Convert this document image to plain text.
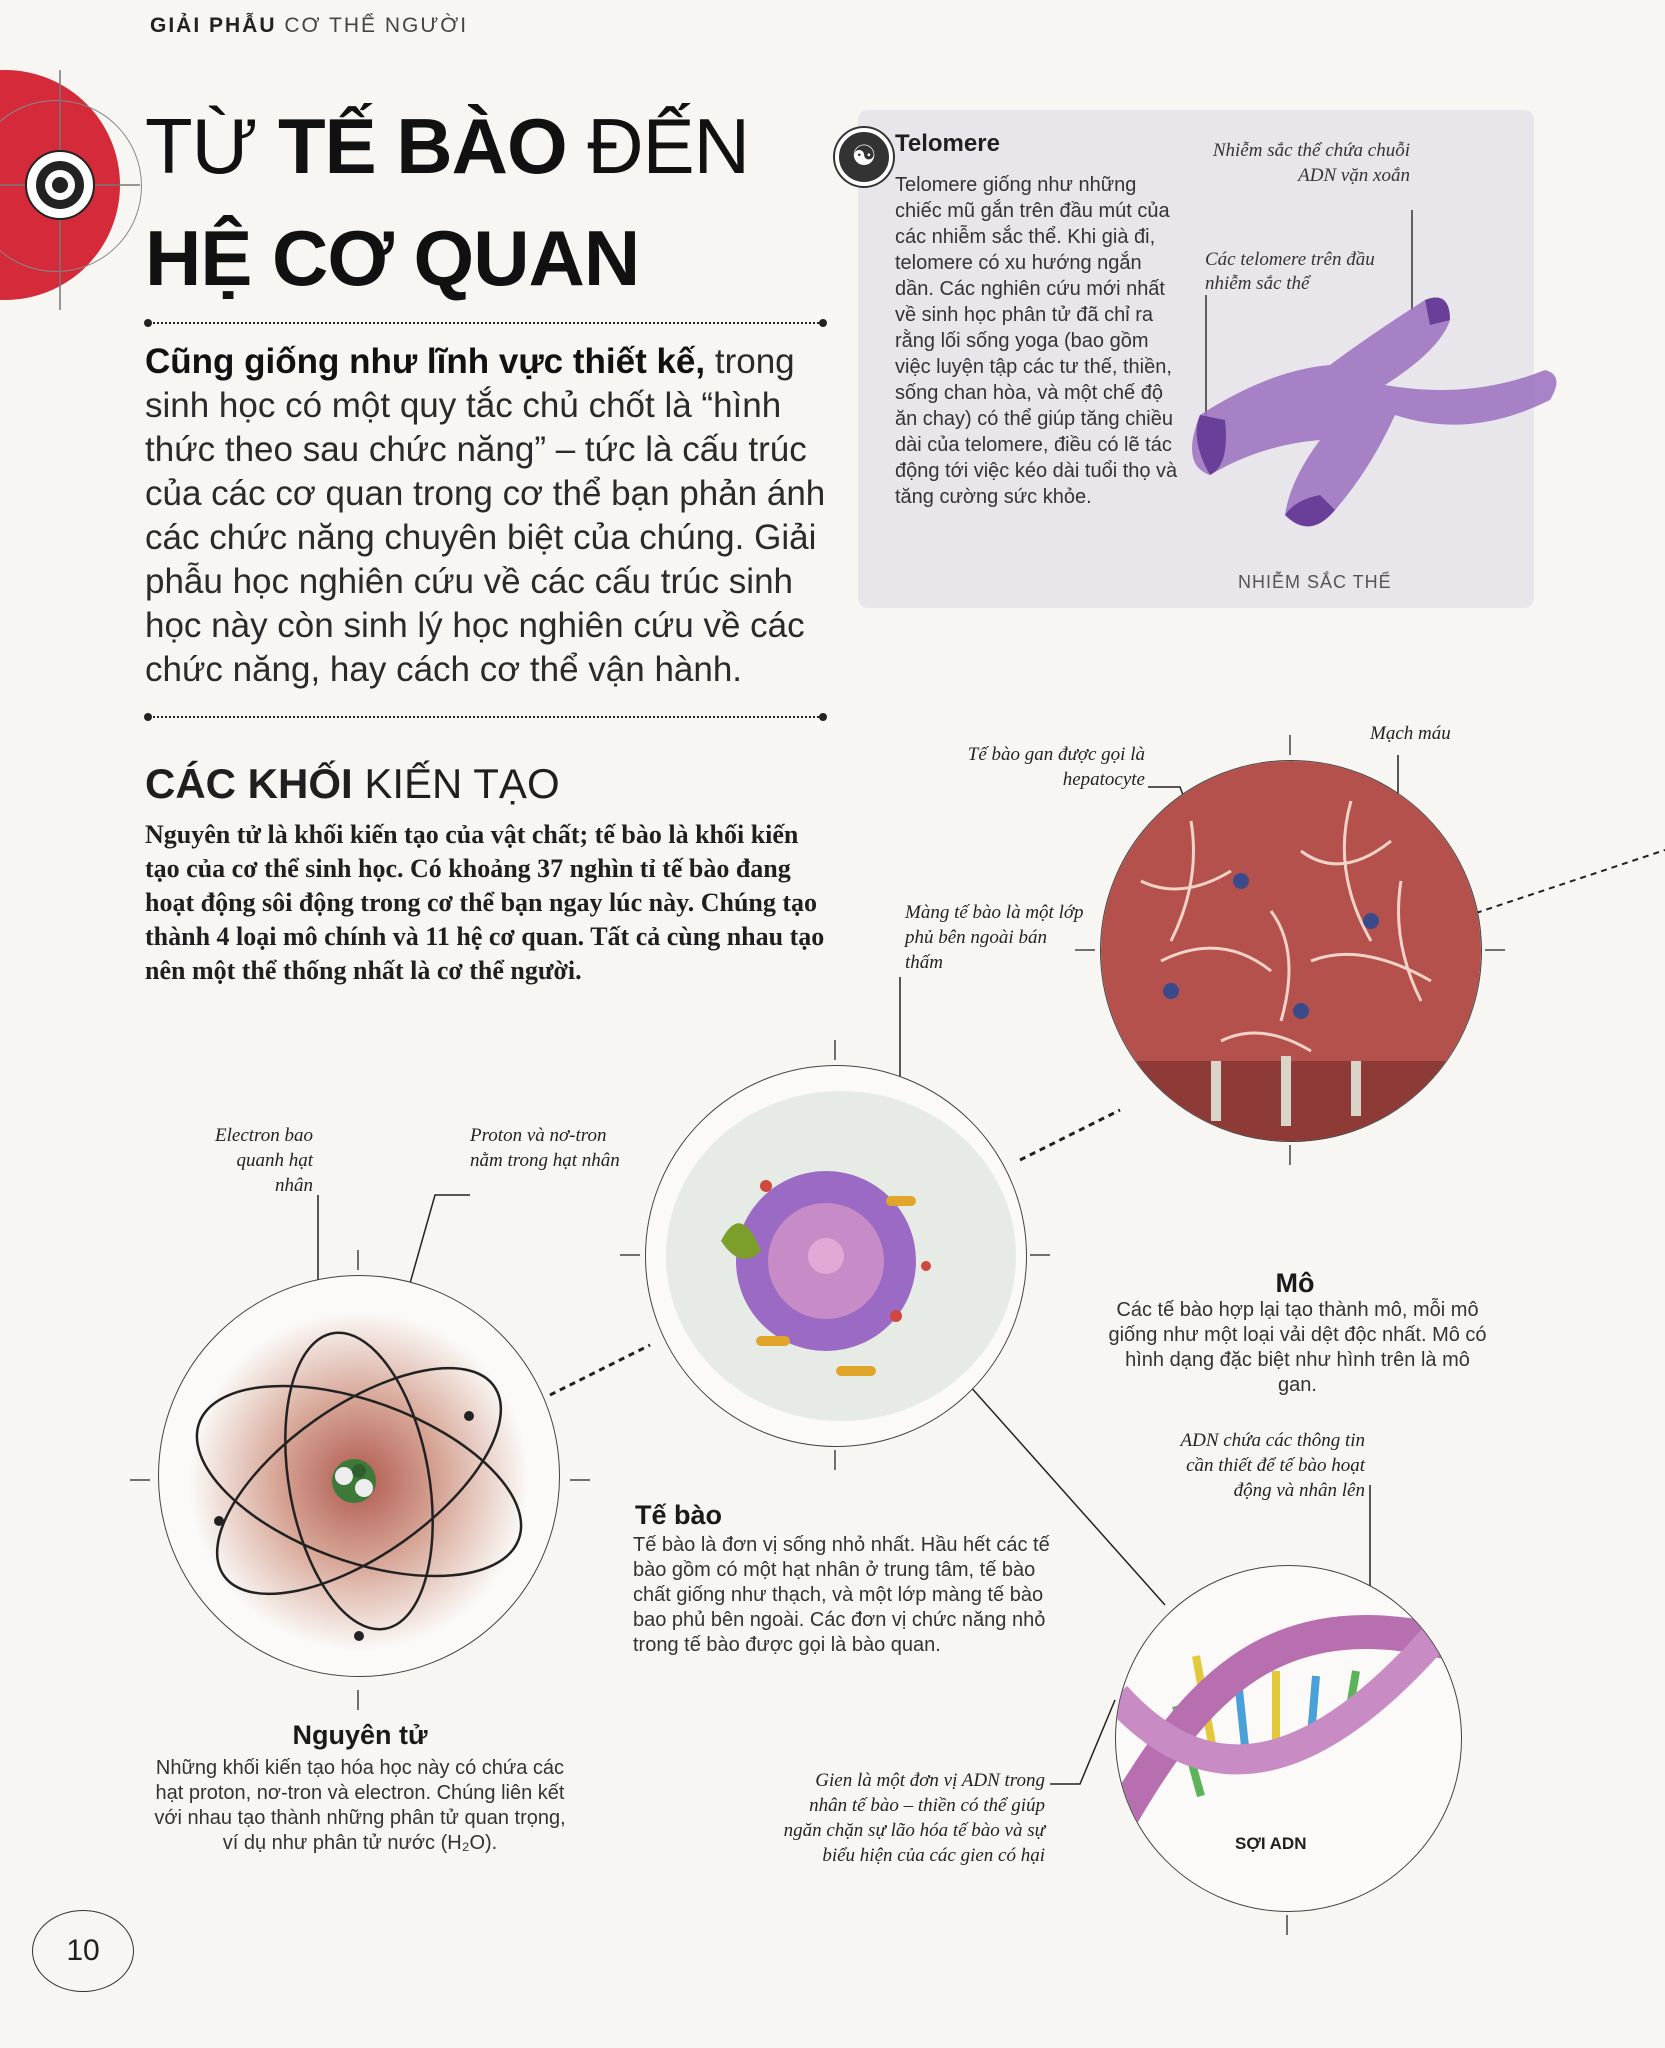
GIẢI PHẪU CƠ THỂ NGƯỜI
TỪ TẾ BÀO ĐẾN
HỆ CƠ QUAN
Cũng giống như lĩnh vực thiết kế, trong sinh học có một quy tắc chủ chốt là “hình thức theo sau chức năng” – tức là cấu trúc của các cơ quan trong cơ thể bạn phản ánh các chức năng chuyên biệt của chúng. Giải phẫu học nghiên cứu về các cấu trúc sinh học này còn sinh lý học nghiên cứu về các chức năng, hay cách cơ thể vận hành.
☯ Telomere
Telomere giống như những chiếc mũ gắn trên đầu mút của các nhiễm sắc thể. Khi già đi, telomere có xu hướng ngắn dần. Các nghiên cứu mới nhất về sinh học phân tử đã chỉ ra rằng lối sống yoga (bao gồm việc luyện tập các tư thế, thiền, sống chan hòa, và một chế độ ăn chay) có thể giúp tăng chiều dài của telomere, điều có lẽ tác động tới việc kéo dài tuổi thọ và tăng cường sức khỏe.
Nhiễm sắc thể chứa chuỗi ADN vặn xoắn
Các telomere trên đầu nhiễm sắc thể
NHIỄM SẮC THỂ
CÁC KHỐI KIẾN TẠO
Nguyên tử là khối kiến tạo của vật chất; tế bào là khối kiến tạo của cơ thể sinh học. Có khoảng 37 nghìn tỉ tế bào đang hoạt động sôi động trong cơ thể bạn ngay lúc này. Chúng tạo thành 4 loại mô chính và 11 hệ cơ quan. Tất cả cùng nhau tạo nên một thể thống nhất là cơ thể người.
Electron bao quanh hạt nhân
Proton và nơ-tron nằm trong hạt nhân
Nguyên tử
Những khối kiến tạo hóa học này có chứa các hạt proton, nơ-tron và electron. Chúng liên kết với nhau tạo thành những phân tử quan trọng, ví dụ như phân tử nước (H₂O).
Màng tế bào là một lớp phủ bên ngoài bán thấm
Tế bào
Tế bào là đơn vị sống nhỏ nhất. Hầu hết các tế bào gồm có một hạt nhân ở trung tâm, tế bào chất giống như thạch, và một lớp màng tế bào bao phủ bên ngoài. Các đơn vị chức năng nhỏ trong tế bào được gọi là bào quan.
Tế bào gan được gọi là hepatocyte
Mạch máu
Mô
Các tế bào hợp lại tạo thành mô, mỗi mô giống như một loại vải dệt độc nhất. Mô có hình dạng đặc biệt như hình trên là mô gan.
ADN chứa các thông tin cần thiết để tế bào hoạt động và nhân lên
SỢI ADN
Gien là một đơn vị ADN trong nhân tế bào – thiền có thể giúp ngăn chặn sự lão hóa tế bào và sự biểu hiện của các gien có hại
10
